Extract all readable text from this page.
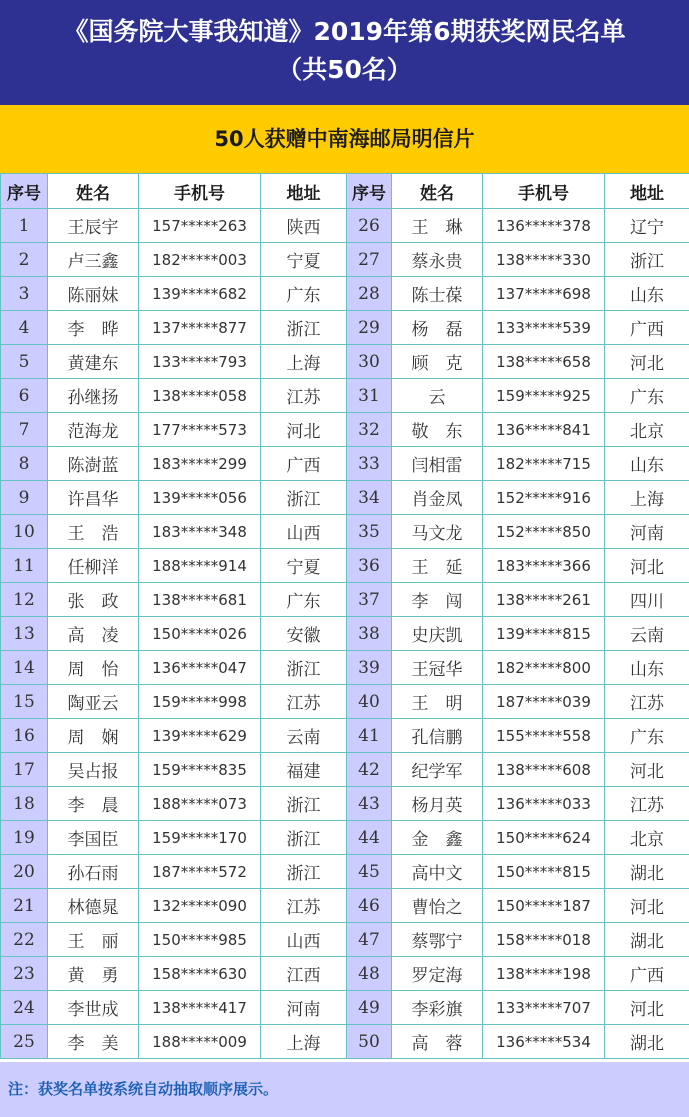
《国务院大事我知道》2019年第6期获奖网民名单
（共50名）
50人获赠中南海邮局明信片
序号	姓名	手机号	地址	序号	姓名	手机号	地址
1	王辰宇	157*****263	陕西	26	王　琳	136*****378	辽宁
2	卢三鑫	182*****003	宁夏	27	蔡永贵	138*****330	浙江
3	陈丽妹	139*****682	广东	28	陈士葆	137*****698	山东
4	李　晔	137*****877	浙江	29	杨　磊	133*****539	广西
5	黄建东	133*****793	上海	30	顾　克	138*****658	河北
6	孙继扬	138*****058	江苏	31	云	159*****925	广东
7	范海龙	177*****573	河北	32	敬　东	136*****841	北京
8	陈澍蓝	183*****299	广西	33	闫相雷	182*****715	山东
9	许昌华	139*****056	浙江	34	肖金凤	152*****916	上海
10	王　浩	183*****348	山西	35	马文龙	152*****850	河南
11	任柳洋	188*****914	宁夏	36	王　延	183*****366	河北
12	张　政	138*****681	广东	37	李　闯	138*****261	四川
13	高　凌	150*****026	安徽	38	史庆凯	139*****815	云南
14	周　怡	136*****047	浙江	39	王冠华	182*****800	山东
15	陶亚云	159*****998	江苏	40	王　明	187*****039	江苏
16	周　娴	139*****629	云南	41	孔信鹏	155*****558	广东
17	吴占报	159*****835	福建	42	纪学军	138*****608	河北
18	李　晨	188*****073	浙江	43	杨月英	136*****033	江苏
19	李国臣	159*****170	浙江	44	金　鑫	150*****624	北京
20	孙石雨	187*****572	浙江	45	高中文	150*****815	湖北
21	林德晁	132*****090	江苏	46	曹怡之	150*****187	河北
22	王　丽	150*****985	山西	47	蔡鄂宁	158*****018	湖北
23	黄　勇	158*****630	江西	48	罗定海	138*****198	广西
24	李世成	138*****417	河南	49	李彩旗	133*****707	河北
25	李　美	188*****009	上海	50	高　蓉	136*****534	湖北
注：获奖名单按系统自动抽取顺序展示。
